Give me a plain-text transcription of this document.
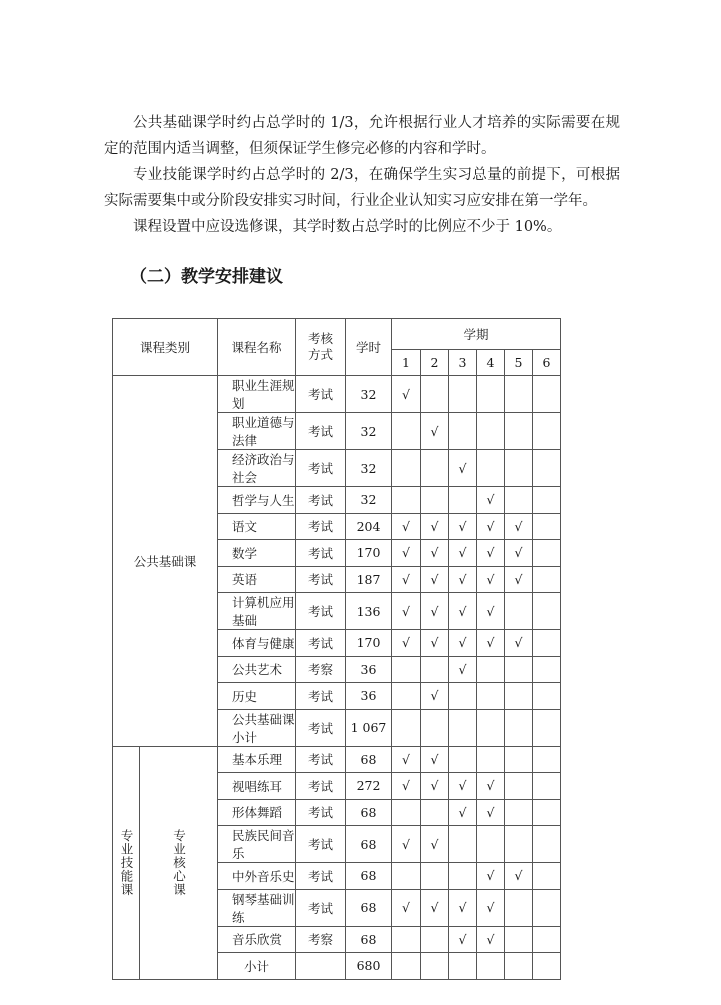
公共基础课学时约占总学时的 1/3，允许根据行业人才培养的实际需要在规定的范围内适当调整，但须保证学生修完必修的内容和学时。

专业技能课学时约占总学时的 2/3，在确保学生实习总量的前提下，可根据实际需要集中或分阶段安排实习时间，行业企业认知实习应安排在第一学年。

课程设置中应设选修课，其学时数占总学时的比例应不少于 10%。

（二）教学安排建议
课程类别		课程名称	考核方式	学时	学期					
					1	2	3	4	5	6
公共基础课		职业生涯规划	考试	32	√					
		职业道德与法律	考试	32		√				
		经济政治与社会	考试	32			√			
		哲学与人生	考试	32				√		
		语文	考试	204	√	√	√	√	√	
		数学	考试	170	√	√	√	√	√	
		英语	考试	187	√	√	√	√	√	
		计算机应用基础	考试	136	√	√	√	√		
		体育与健康	考试	170	√	√	√	√	√	
		公共艺术	考察	36			√			
		历史	考试	36		√				
		公共基础课 小计	考试	1 067						

专业技能课	专业核心课	基本乐理	考试	68	√	√				
		视唱练耳	考试	272	√	√	√	√		
		形体舞蹈	考试	68			√	√		
		民族民间音乐	考试	68	√	√				
		中外音乐史	考试	68				√	√	
		钢琴基础训练	考试	68	√	√	√	√		
		音乐欣赏	考察	68			√	√		
		小计		680						
